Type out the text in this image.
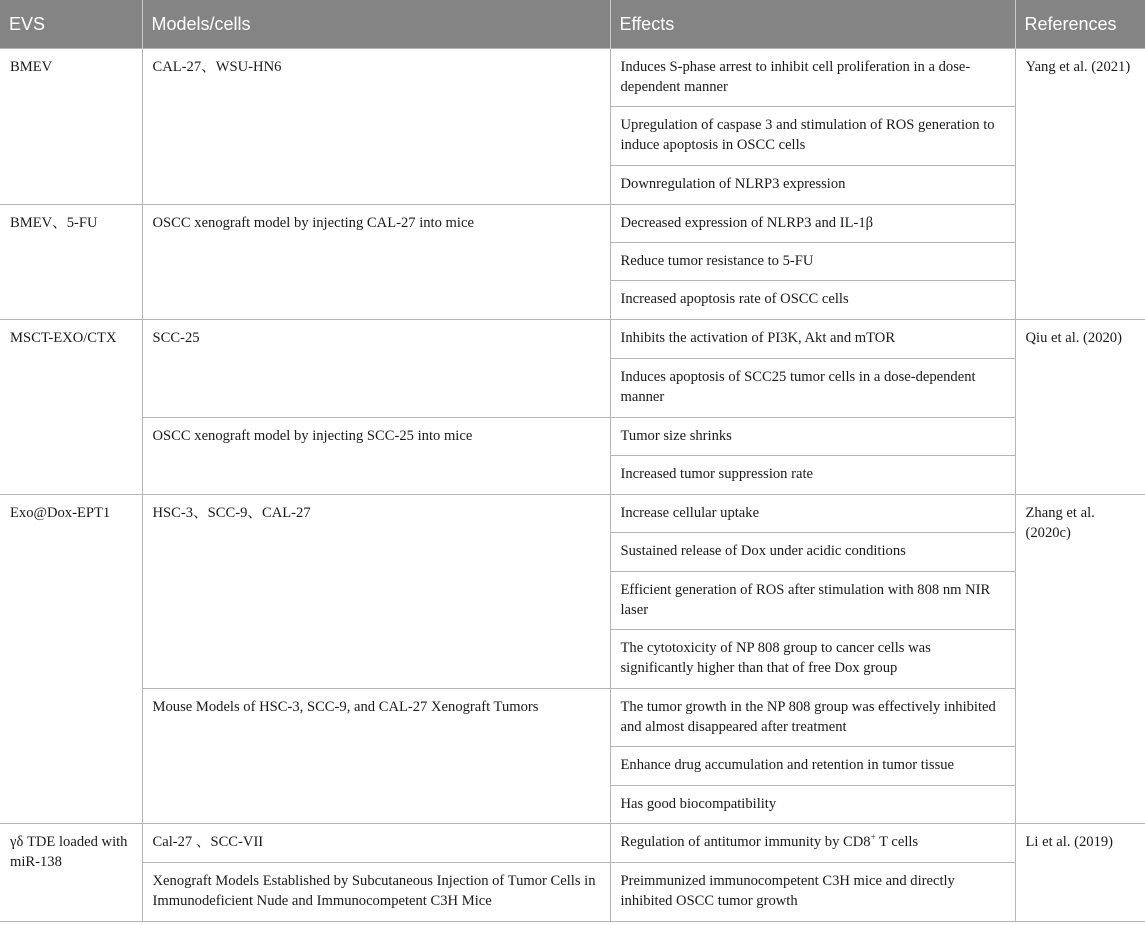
EVS	Models/cells	Effects	References
BMEV	CAL-27、WSU-HN6	Induces S-phase arrest to inhibit cell proliferation in a dose-dependent manner	Yang et al. (2021)
		Upregulation of caspase 3 and stimulation of ROS generation to induce apoptosis in OSCC cells	
		Downregulation of NLRP3 expression	
BMEV、5-FU	OSCC xenograft model by injecting CAL-27 into mice	Decreased expression of NLRP3 and IL-1β	
		Reduce tumor resistance to 5-FU	
		Increased apoptosis rate of OSCC cells	
MSCT-EXO/CTX	SCC-25	Inhibits the activation of PI3K, Akt and mTOR	Qiu et al. (2020)
		Induces apoptosis of SCC25 tumor cells in a dose-dependent manner	
	OSCC xenograft model by injecting SCC-25 into mice	Tumor size shrinks	
		Increased tumor suppression rate	
Exo@Dox-EPT1	HSC-3、SCC-9、CAL-27	Increase cellular uptake	Zhang et al. (2020c)
		Sustained release of Dox under acidic conditions	
		Efficient generation of ROS after stimulation with 808 nm NIR laser	
		The cytotoxicity of NP 808 group to cancer cells was significantly higher than that of free Dox group	
	Mouse Models of HSC-3, SCC-9, and CAL-27 Xenograft Tumors	The tumor growth in the NP 808 group was effectively inhibited and almost disappeared after treatment	
		Enhance drug accumulation and retention in tumor tissue	
		Has good biocompatibility	
γδ TDE loaded with miR-138	Cal-27 、SCC-VII	Regulation of antitumor immunity by CD8+ T cells	Li et al. (2019)
	Xenograft Models Established by Subcutaneous Injection of Tumor Cells in Immunodeficient Nude and Immunocompetent C3H Mice	Preimmunized immunocompetent C3H mice and directly inhibited OSCC tumor growth	
